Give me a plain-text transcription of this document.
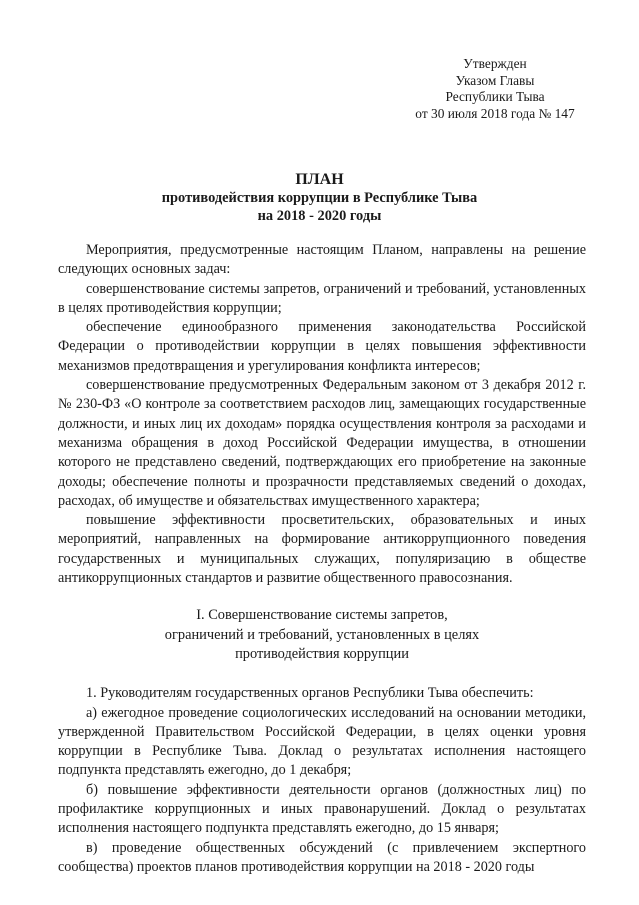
Утвержден
Указом Главы
Республики Тыва
от 30 июля 2018 года № 147
ПЛАН
противодействия коррупции в Республике Тыва
на 2018 - 2020 годы

Мероприятия, предусмотренные настоящим Планом, направлены на решение следующих основных задач:

совершенствование системы запретов, ограничений и требований, установленных в целях противодействия коррупции;

обеспечение единообразного применения законодательства Российской Федерации о противодействии коррупции в целях повышения эффективности механизмов предотвращения и урегулирования конфликта интересов;

совершенствование предусмотренных Федеральным законом от 3 декабря 2012 г. № 230-ФЗ «О контроле за соответствием расходов лиц, замещающих государственные должности, и иных лиц их доходам» порядка осуществления контроля за расходами и механизма обращения в доход Российской Федерации имущества, в отношении которого не представлено сведений, подтверждающих его приобретение на законные доходы; обеспечение полноты и прозрачности представляемых сведений о доходах, расходах, об имуществе и обязательствах имущественного характера;

повышение эффективности просветительских, образовательных и иных мероприятий, направленных на формирование антикоррупционного поведения государственных и муниципальных служащих, популяризацию в обществе антикоррупционных стандартов и развитие общественного правосознания.

I. Совершенствование системы запретов,
ограничений и требований, установленных в целях
противодействия коррупции

1. Руководителям государственных органов Республики Тыва обеспечить:

а) ежегодное проведение социологических исследований на основании методики, утвержденной Правительством Российской Федерации, в целях оценки уровня коррупции в Республике Тыва. Доклад о результатах исполнения настоящего подпункта представлять ежегодно, до 1 декабря;

б) повышение эффективности деятельности органов (должностных лиц) по профилактике коррупционных и иных правонарушений. Доклад о результатах исполнения настоящего подпункта представлять ежегодно, до 15 января;

в) проведение общественных обсуждений (с привлечением экспертного сообщества) проектов планов противодействия коррупции на 2018 - 2020 годы
